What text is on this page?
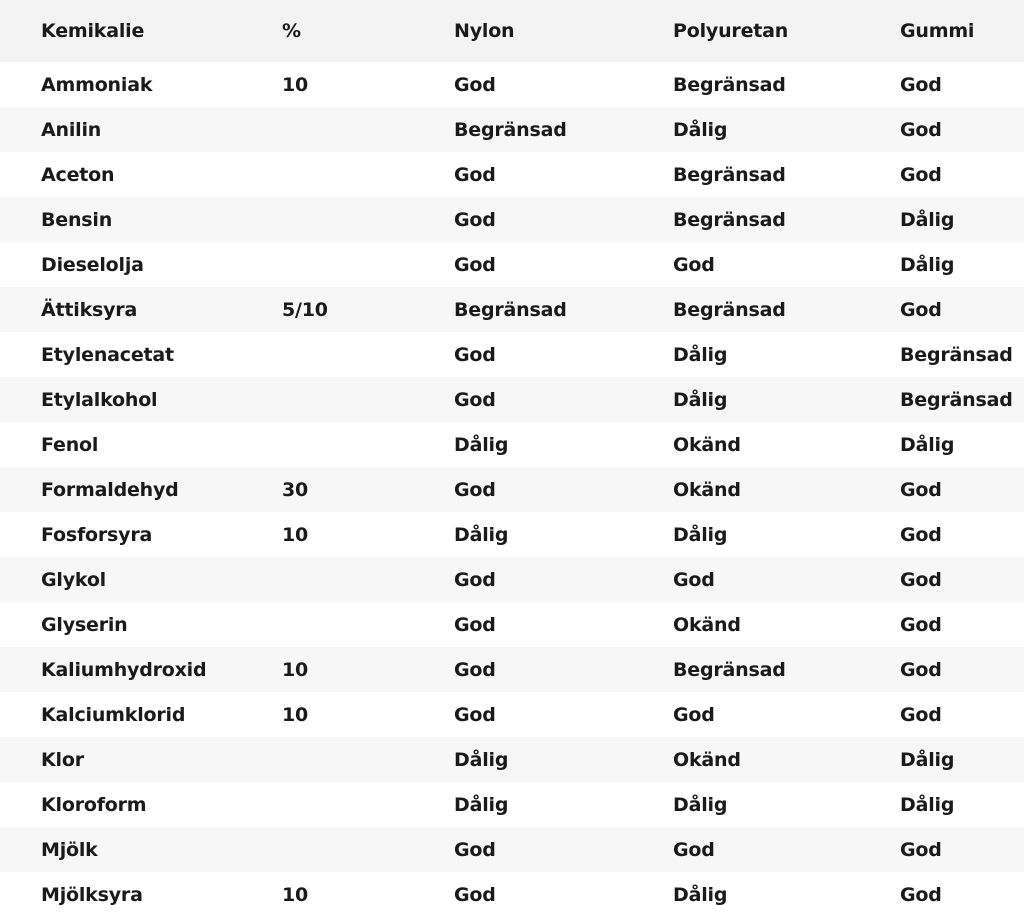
Kemikalie	%	Nylon	Polyuretan	Gummi
Ammoniak	10	God	Begränsad	God
Anilin		Begränsad	Dålig	God
Aceton		God	Begränsad	God
Bensin		God	Begränsad	Dålig
Dieselolja		God	God	Dålig
Ättiksyra	5/10	Begränsad	Begränsad	God
Etylenacetat		God	Dålig	Begränsad
Etylalkohol		God	Dålig	Begränsad
Fenol		Dålig	Okänd	Dålig
Formaldehyd	30	God	Okänd	God
Fosforsyra	10	Dålig	Dålig	God
Glykol		God	God	God
Glyserin		God	Okänd	God
Kaliumhydroxid	10	God	Begränsad	God
Kalciumklorid	10	God	God	God
Klor		Dålig	Okänd	Dålig
Kloroform		Dålig	Dålig	Dålig
Mjölk		God	God	God
Mjölksyra	10	God	Dålig	God
